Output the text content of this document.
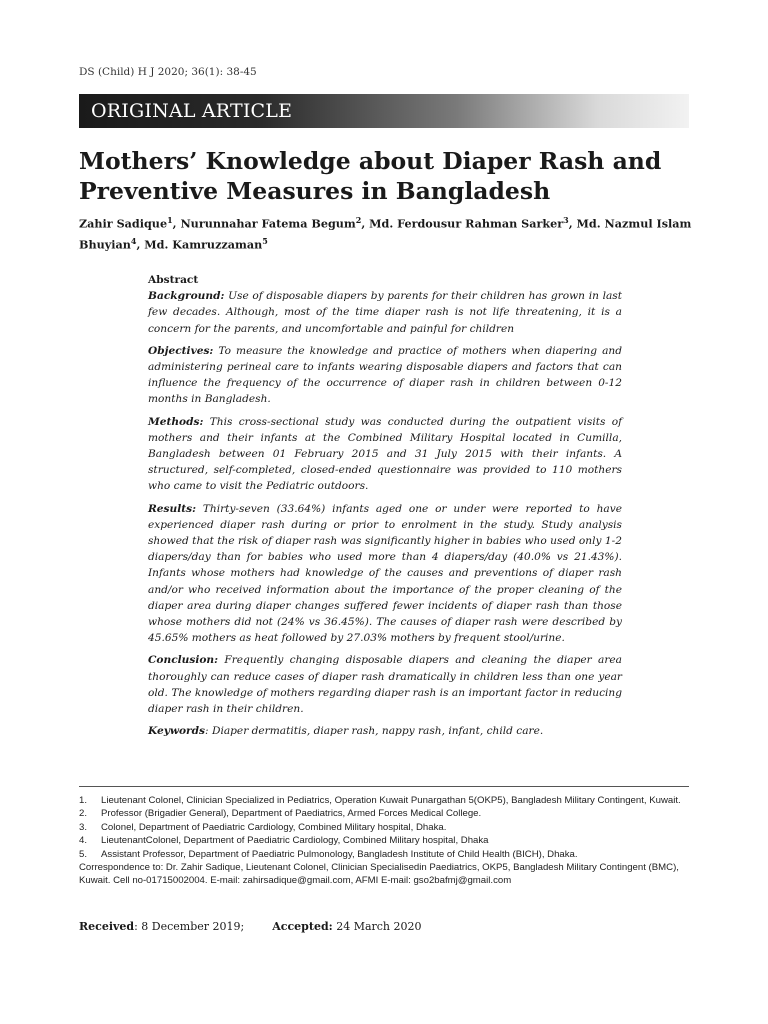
DS (Child) H J 2020; 36(1): 38-45
ORIGINAL ARTICLE
Mothers’ Knowledge about Diaper Rash and Preventive Measures in Bangladesh
Zahir Sadique$^1$, Nurunnahar Fatema Begum$^2$, Md. Ferdousur Rahman Sarker$^3$, Md. Nazmul Islam Bhuyian$^4$, Md. Kamruzzaman$^5$
Abstract

Background: Use of disposable diapers by parents for their children has grown in last few decades. Although, most of the time diaper rash is not life threatening, it is a concern for the parents, and uncomfortable and painful for children

Objectives: To measure the knowledge and practice of mothers when diapering and administering perineal care to infants wearing disposable diapers and factors that can influence the frequency of the occurrence of diaper rash in children between 0-12 months in Bangladesh.

Methods: This cross-sectional study was conducted during the outpatient visits of mothers and their infants at the Combined Military Hospital located in Cumilla, Bangladesh between 01 February 2015 and 31 July 2015 with their infants. A structured, self-completed, closed-ended questionnaire was provided to 110 mothers who came to visit the Pediatric outdoors.

Results: Thirty-seven (33.64%) infants aged one or under were reported to have experienced diaper rash during or prior to enrolment in the study. Study analysis showed that the risk of diaper rash was significantly higher in babies who used only 1-2 diapers/day than for babies who used more than 4 diapers/day (40.0% vs 21.43%). Infants whose mothers had knowledge of the causes and preventions of diaper rash and/or who received information about the importance of the proper cleaning of the diaper area during diaper changes suffered fewer incidents of diaper rash than those whose mothers did not (24% vs 36.45%). The causes of diaper rash were described by 45.65% mothers as heat followed by 27.03% mothers by frequent stool/urine.

Conclusion: Frequently changing disposable diapers and cleaning the diaper area thoroughly can reduce cases of diaper rash dramatically in children less than one year old. The knowledge of mothers regarding diaper rash is an important factor in reducing diaper rash in their children.

Keywords: Diaper dermatitis, diaper rash, nappy rash, infant, child care.

1.	Lieutenant Colonel, Clinician Specialized in Pediatrics, Operation Kuwait Punargathan 5(OKP5), Bangladesh Military Contingent, Kuwait.
2.	Professor (Brigadier General), Department of Paediatrics, Armed Forces Medical College.
3.	Colonel, Department of Paediatric Cardiology, Combined Military hospital, Dhaka.
4.	LieutenantColonel, Department of Paediatric Cardiology, Combined Military hospital, Dhaka
5.	Assistant Professor, Department of Paediatric Pulmonology, Bangladesh Institute of Child Health (BICH), Dhaka.
Correspondence to: Dr. Zahir Sadique, Lieutenant Colonel, Clinician Specialisedin Paediatrics, OKP5, Bangladesh Military Contingent (BMC), Kuwait. Cell no-01715002004. E-mail: zahirsadique@gmail.com, AFMI E-mail: gso2bafmj@gmail.com
Received: 8 December 2019;	Accepted: 24 March 2020
